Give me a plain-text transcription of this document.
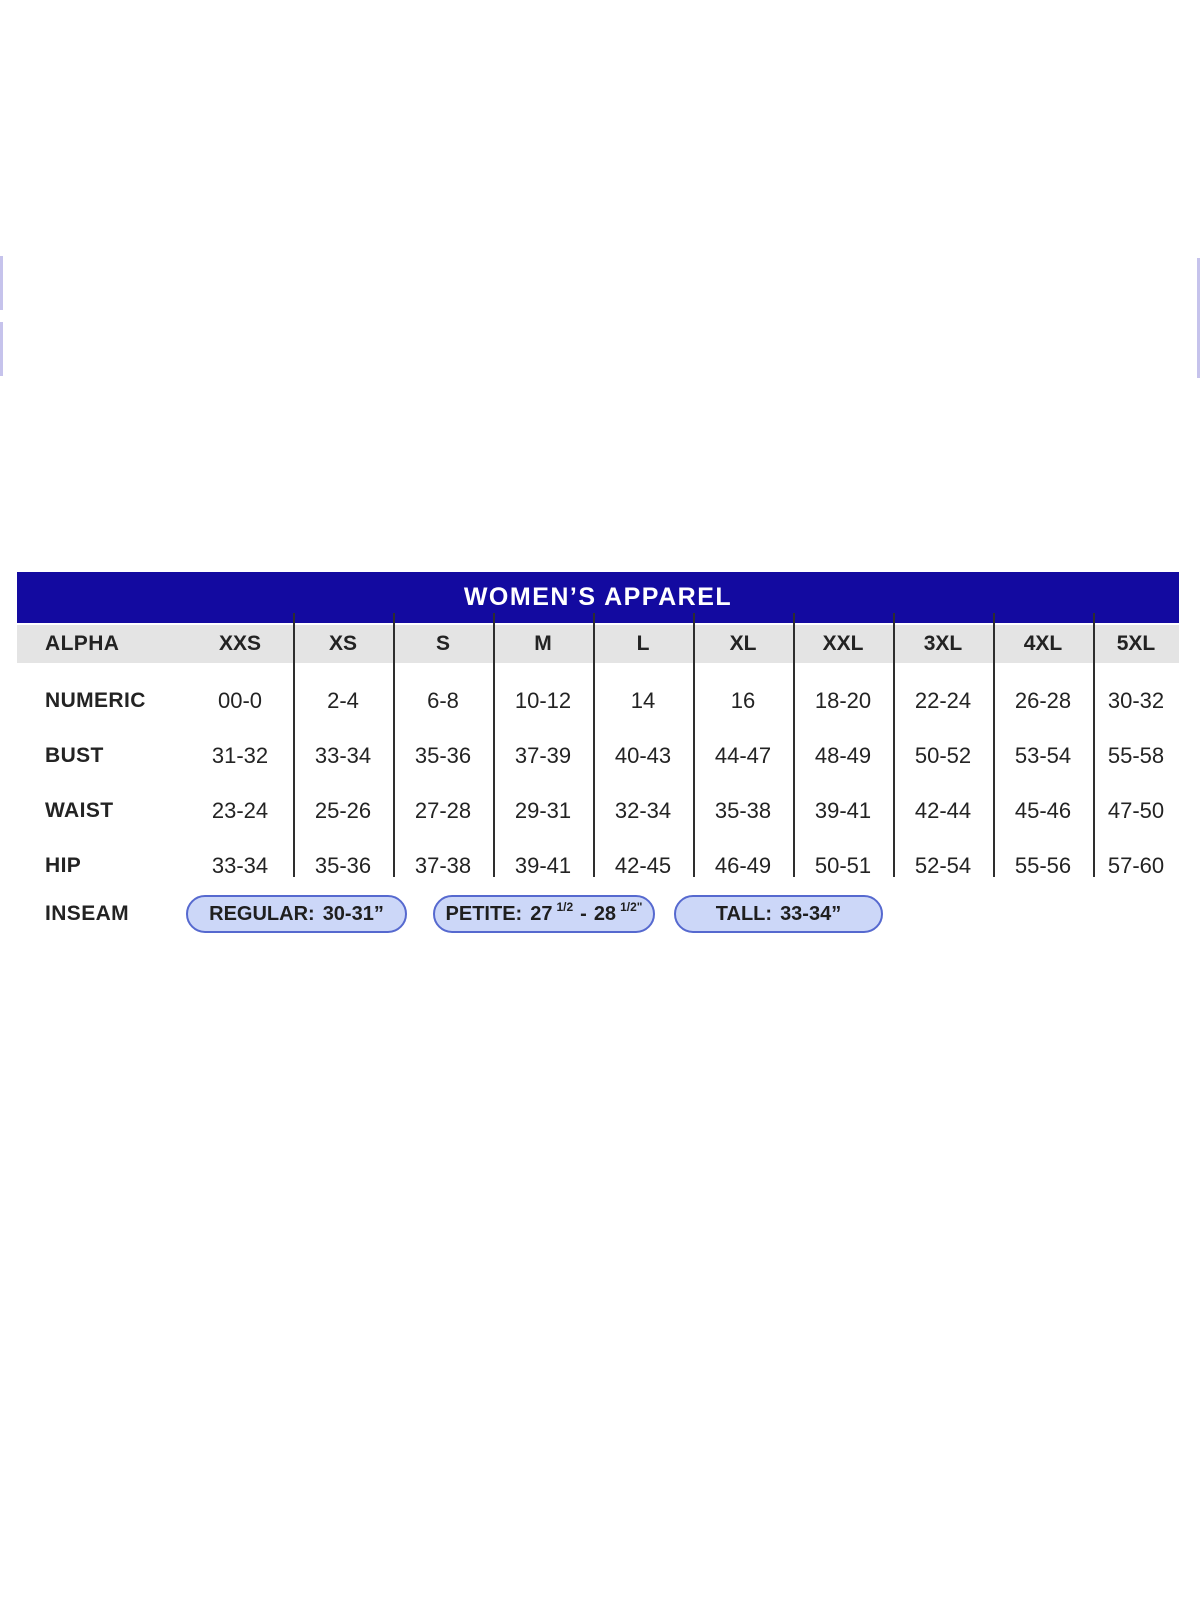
WOMEN’S APPAREL
ALPHA	XXS	XS	S	M	L	XL	XXL	3XL	4XL	5XL
NUMERIC	00-0	2-4	6-8	10-12	14	16	18-20	22-24	26-28	30-32
BUST	31-32	33-34	35-36	37-39	40-43	44-47	48-49	50-52	53-54	55-58
WAIST	23-24	25-26	27-28	29-31	32-34	35-38	39-41	42-44	45-46	47-50
HIP	33-34	35-36	37-38	39-41	42-45	46-49	50-51	52-54	55-56	57-60
INSEAM	REGULAR: 30-31”	PETITE: 27 1/2 - 28 1/2 "	TALL: 33-34”
